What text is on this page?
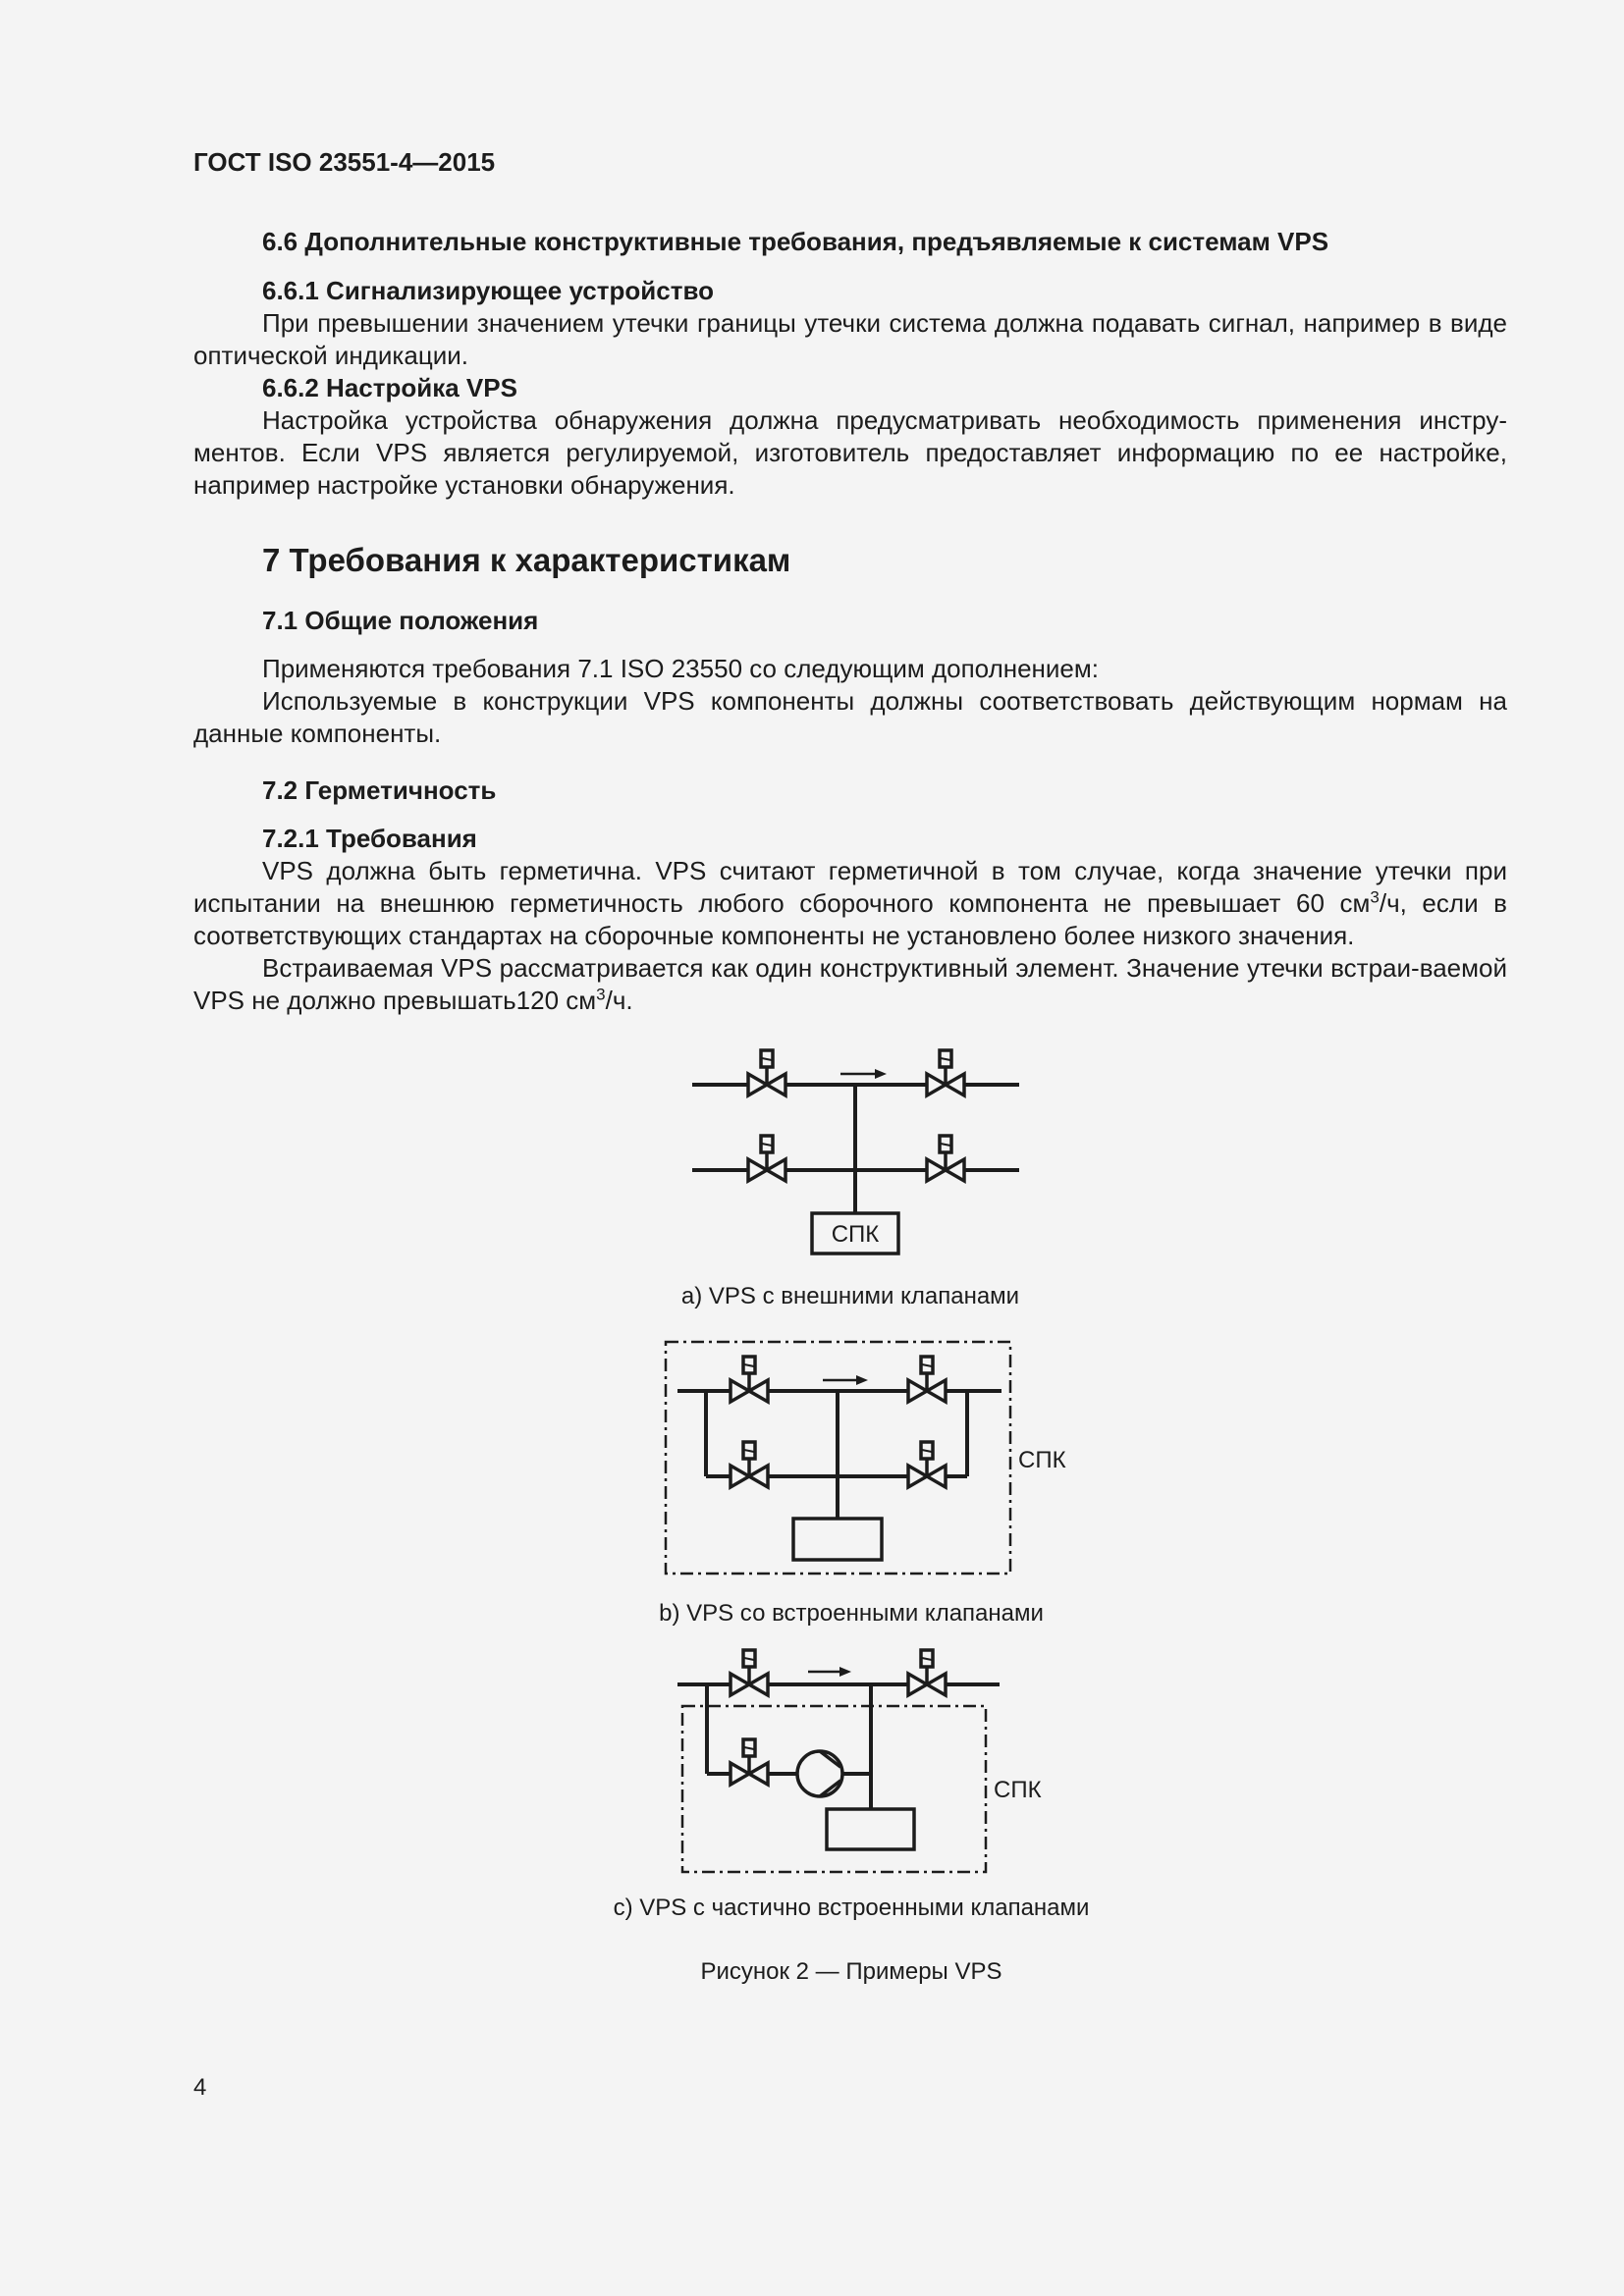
ГОСТ ISO 23551-4—2015
6.6 Дополнительные конструктивные требования, предъявляемые к системам VPS
6.6.1 Сигнализирующее устройство
При превышении значением утечки границы утечки система должна подавать сигнал, например в виде оптической индикации.
6.6.2 Настройка VPS
Настройка устройства обнаружения должна предусматривать необходимость применения инстру-ментов. Если VPS является регулируемой, изготовитель предоставляет информацию по ее настройке, например настройке установки обнаружения.
7 Требования к характеристикам
7.1 Общие положения
Применяются требования 7.1 ISO 23550 со следующим дополнением:
Используемые в конструкции VPS компоненты должны соответствовать действующим нормам на данные компоненты.
7.2 Герметичность
7.2.1 Требования
VPS должна быть герметична. VPS считают герметичной в том случае, когда значение утечки при испытании на внешнюю герметичность любого сборочного компонента не превышает 60 $см^3/ч$, если в соответствующих стандартах на сборочные компоненты не установлено более низкого значения.
Встраиваемая VPS рассматривается как один конструктивный элемент. Значение утечки встраи-ваемой VPS не должно превышать120 $см^3/ч$.
СПК
a) VPS с внешними клапанами
СПК
b) VPS со встроенными клапанами
СПК
c) VPS с частично встроенными клапанами
Рисунок 2 — Примеры VPS
4
